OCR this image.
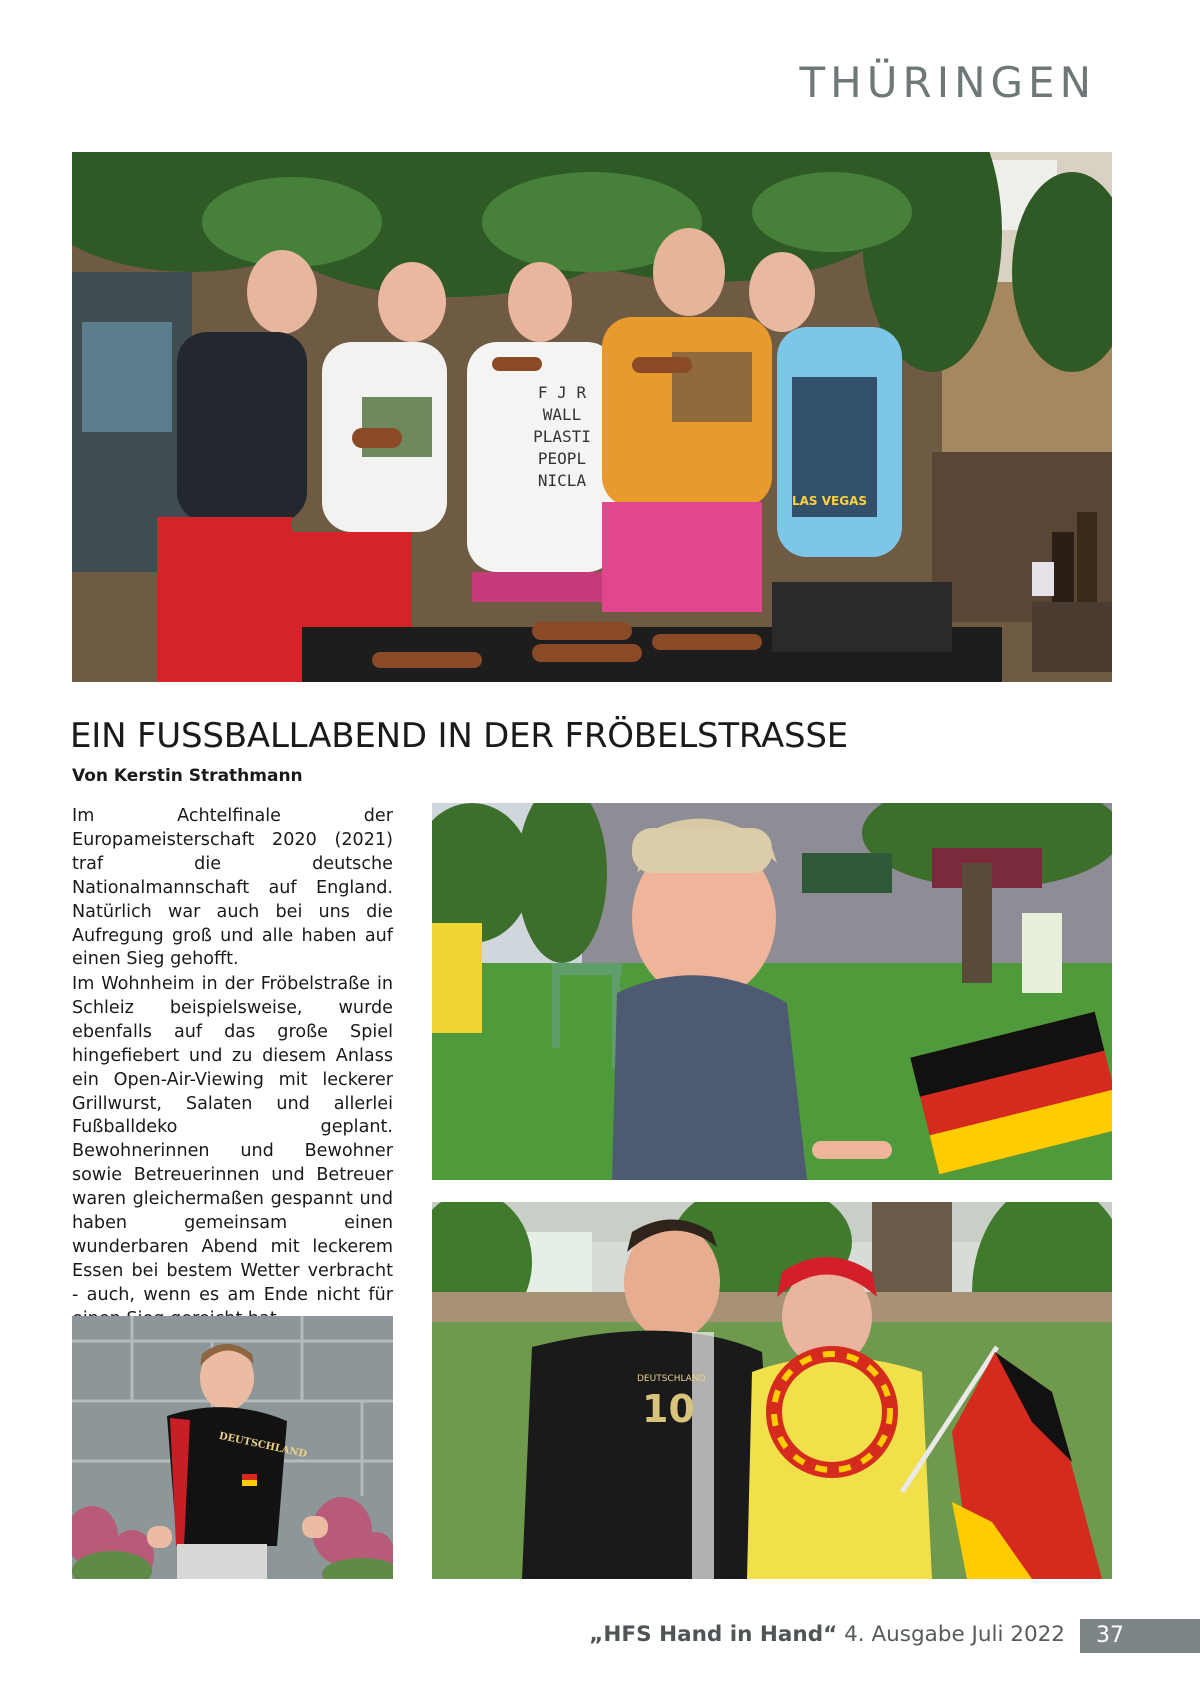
THÜRINGEN
F J R
WALL
PLASTI
PEOPL
NICLA
LAS VEGAS
EIN FUSSBALLABEND IN DER FRÖBELSTRASSE

Von Kerstin Strathmann

Im Achtelfinale der Europameisterschaft 2020 (2021) traf die deutsche Nationalmannschaft auf England. Natürlich war auch bei uns die Aufregung groß und alle haben auf einen Sieg gehofft.

Im Wohnheim in der Fröbelstraße in Schleiz beispielsweise, wurde ebenfalls auf das große Spiel hingefiebert und zu diesem Anlass ein Open-Air-Viewing mit leckerer Grillwurst, Salaten und allerlei Fußballdeko geplant. Bewohnerinnen und Bewohner sowie Betreuerinnen und Betreuer waren gleichermaßen gespannt und haben gemeinsam einen wunderbaren Abend mit leckerem Essen bei bestem Wetter verbracht - auch, wenn es am Ende nicht für

DEUTSCHLAND
10
DEUTSCHLAND
„HFS Hand in Hand“ 4. Ausgabe Juli 2022	37
